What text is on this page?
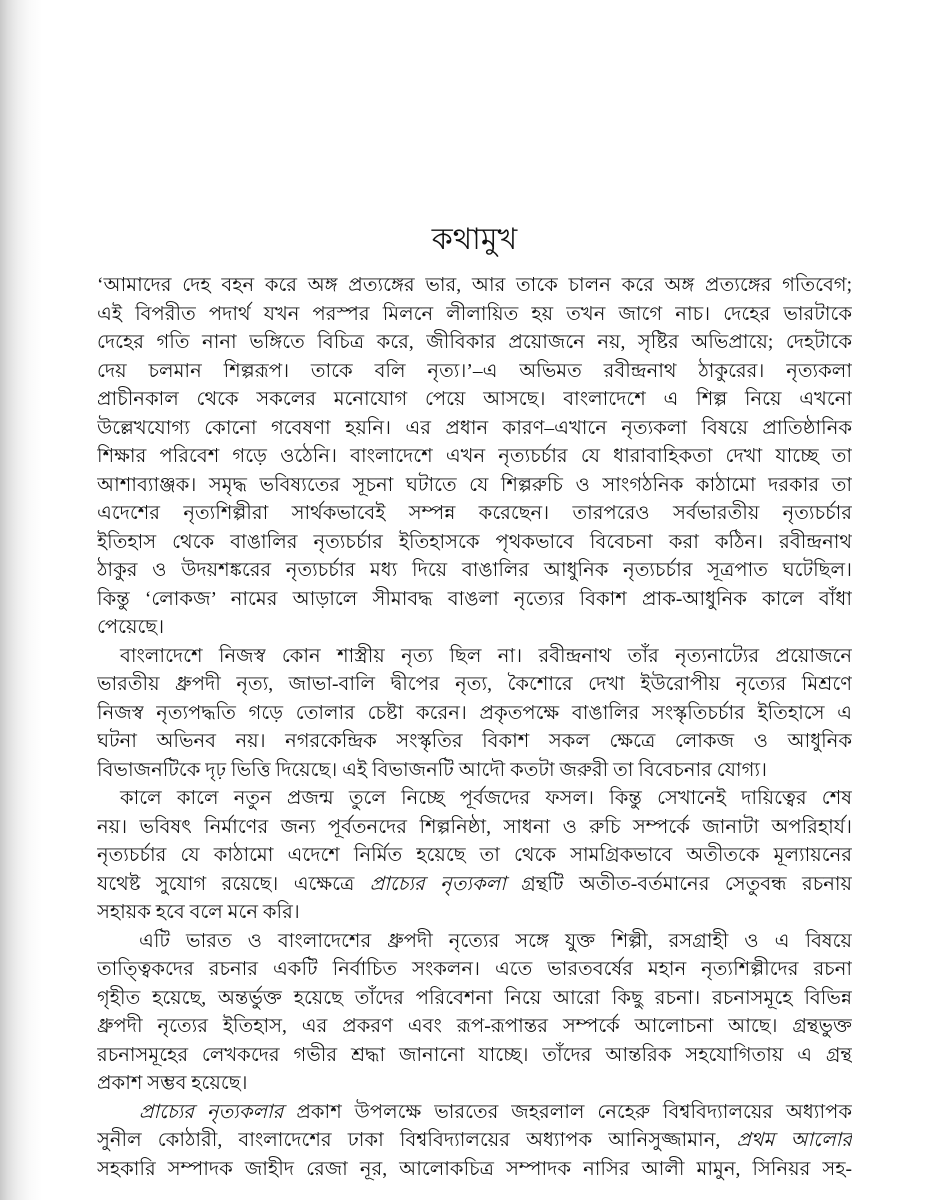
কথামুখ
‘আমাদের দেহ বহন করে অঙ্গ প্রত্যঙ্গের ভার, আর তাকে চালন করে অঙ্গ প্রত্যঙ্গের গতিবেগ;
এই বিপরীত পদার্থ যখন পরস্পর মিলনে লীলায়িত হয় তখন জাগে নাচ। দেহের ভারটাকে
দেহের গতি নানা ভঙ্গিতে বিচিত্র করে, জীবিকার প্রয়োজনে নয়, সৃষ্টির অভিপ্রায়ে; দেহটাকে
দেয় চলমান শিল্পরূপ। তাকে বলি নৃত্য।’–এ অভিমত রবীন্দ্রনাথ ঠাকুরের। নৃত্যকলা
প্রাচীনকাল থেকে সকলের মনোযোগ পেয়ে আসছে। বাংলাদেশে এ শিল্প নিয়ে এখনো
উল্লেখযোগ্য কোনো গবেষণা হয়নি। এর প্রধান কারণ–এখানে নৃত্যকলা বিষয়ে প্রাতিষ্ঠানিক
শিক্ষার পরিবেশ গড়ে ওঠেনি। বাংলাদেশে এখন নৃত্যচর্চার যে ধারাবাহিকতা দেখা যাচ্ছে তা
আশাব্যাঞ্জক। সমৃদ্ধ ভবিষ্যতের সূচনা ঘটাতে যে শিল্পরুচি ও সাংগঠনিক কাঠামো দরকার তা
এদেশের নৃত্যশিল্পীরা সার্থকভাবেই সম্পন্ন করেছেন। তারপরেও সর্বভারতীয় নৃত্যচর্চার
ইতিহাস থেকে বাঙালির নৃত্যচর্চার ইতিহাসকে পৃথকভাবে বিবেচনা করা কঠিন। রবীন্দ্রনাথ
ঠাকুর ও উদয়শঙ্করের নৃত্যচর্চার মধ্য দিয়ে বাঙালির আধুনিক নৃত্যচর্চার সূত্রপাত ঘটেছিল।
কিন্তু ‘লোকজ’ নামের আড়ালে সীমাবদ্ধ বাঙলা নৃত্যের বিকাশ প্রাক-আধুনিক কালে বাঁধা
পেয়েছে।
বাংলাদেশে নিজস্ব কোন শাস্ত্রীয় নৃত্য ছিল না। রবীন্দ্রনাথ তাঁর নৃত্যনাট্যের প্রয়োজনে
ভারতীয় ধ্রুপদী নৃত্য, জাভা-বালি দ্বীপের নৃত্য, কৈশোরে দেখা ইউরোপীয় নৃত্যের মিশ্রণে
নিজস্ব নৃত্যপদ্ধতি গড়ে তোলার চেষ্টা করেন। প্রকৃতপক্ষে বাঙালির সংস্কৃতিচর্চার ইতিহাসে এ
ঘটনা অভিনব নয়। নগরকেন্দ্রিক সংস্কৃতির বিকাশ সকল ক্ষেত্রে লোকজ ও আধুনিক
বিভাজনটিকে দৃঢ় ভিত্তি দিয়েছে। এই বিভাজনটি আদৌ কতটা জরুরী তা বিবেচনার যোগ্য।
কালে কালে নতুন প্রজন্ম তুলে নিচ্ছে পূর্বজদের ফসল। কিন্তু সেখানেই দায়িত্বের শেষ
নয়। ভবিষৎ নির্মাণের জন্য পূর্বতনদের শিল্পনিষ্ঠা, সাধনা ও রুচি সম্পর্কে জানাটা অপরিহার্য।
নৃত্যচর্চার যে কাঠামো এদেশে নির্মিত হয়েছে তা থেকে সামগ্রিকভাবে অতীতকে মূল্যায়নের
যথেষ্ট সুযোগ রয়েছে। এক্ষেত্রে প্রাচ্যের নৃত্যকলা গ্রন্থটি অতীত-বর্তমানের সেতুবন্ধ রচনায়
সহায়ক হবে বলে মনে করি।
এটি ভারত ও বাংলাদেশের ধ্রুপদী নৃত্যের সঙ্গে যুক্ত শিল্পী, রসগ্রাহী ও এ বিষয়ে
তাত্ত্বিকদের রচনার একটি নির্বাচিত সংকলন। এতে ভারতবর্ষের মহান নৃত্যশিল্পীদের রচনা
গৃহীত হয়েছে, অন্তর্ভুক্ত হয়েছে তাঁদের পরিবেশনা নিয়ে আরো কিছু রচনা। রচনাসমূহে বিভিন্ন
ধ্রুপদী নৃত্যের ইতিহাস, এর প্রকরণ এবং রূপ-রূপান্তর সম্পর্কে আলোচনা আছে। গ্রন্থভুক্ত
রচনাসমূহের লেখকদের গভীর শ্রদ্ধা জানানো যাচ্ছে। তাঁদের আন্তরিক সহযোগিতায় এ গ্রন্থ
প্রকাশ সম্ভব হয়েছে।
প্রাচ্যের নৃত্যকলার প্রকাশ উপলক্ষে ভারতের জহরলাল নেহেরু বিশ্ববিদ্যালয়ের অধ্যাপক
সুনীল কোঠারী, বাংলাদেশের ঢাকা বিশ্ববিদ্যালয়ের অধ্যাপক আনিসুজ্জামান, প্রথম আলোর
সহকারি সম্পাদক জাহীদ রেজা নূর, আলোকচিত্র সম্পাদক নাসির আলী মামুন, সিনিয়র সহ-
